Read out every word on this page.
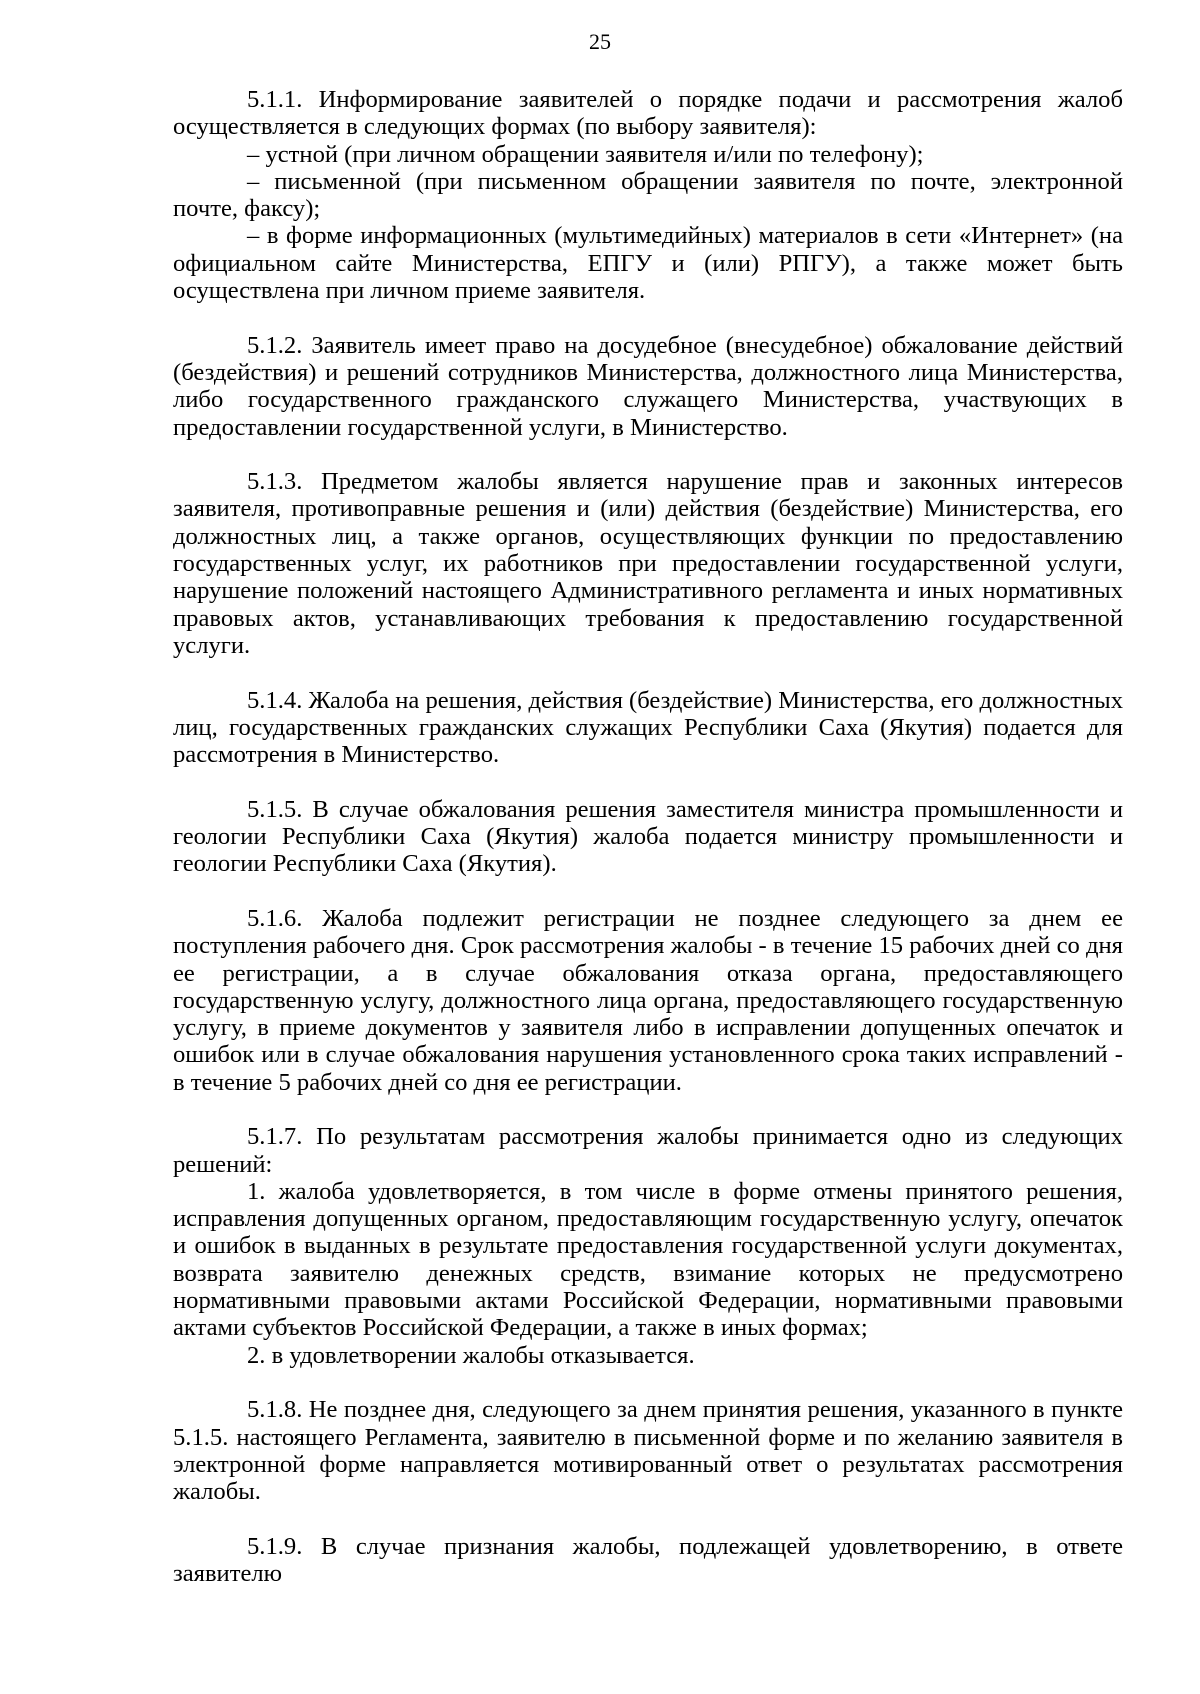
25

5.1.1. Информирование заявителей о порядке подачи и рассмотрения жалоб осуществляется в следующих формах (по выбору заявителя):

– устной (при личном обращении заявителя и/или по телефону);

– письменной (при письменном обращении заявителя по почте, электронной почте, факсу);

– в форме информационных (мультимедийных) материалов в сети «Интернет» (на официальном сайте Министерства, ЕПГУ и (или) РПГУ), а также может быть осуществлена при личном приеме заявителя.

5.1.2. Заявитель имеет право на досудебное (внесудебное) обжалование действий (бездействия) и решений сотрудников Министерства, должностного лица Министерства, либо государственного гражданского служащего Министерства, участвующих в предоставлении государственной услуги, в Министерство.

5.1.3. Предметом жалобы является нарушение прав и законных интересов заявителя, противоправные решения и (или) действия (бездействие) Министерства, его должностных лиц, а также органов, осуществляющих функции по предоставлению государственных услуг, их работников при предоставлении государственной услуги, нарушение положений настоящего Административного регламента и иных нормативных правовых актов, устанавливающих требования к предоставлению государственной услуги.

5.1.4. Жалоба на решения, действия (бездействие) Министерства, его должностных лиц, государственных гражданских служащих Республики Саха (Якутия) подается для рассмотрения в Министерство.

5.1.5. В случае обжалования решения заместителя министра промышленности и геологии Республики Саха (Якутия) жалоба подается министру промышленности и геологии Республики Саха (Якутия).

5.1.6. Жалоба подлежит регистрации не позднее следующего за днем ее поступления рабочего дня. Срок рассмотрения жалобы - в течение 15 рабочих дней со дня ее регистрации, а в случае обжалования отказа органа, предоставляющего государственную услугу, должностного лица органа, предоставляющего государственную услугу, в приеме документов у заявителя либо в исправлении допущенных опечаток и ошибок или в случае обжалования нарушения установленного срока таких исправлений - в течение 5 рабочих дней со дня ее регистрации.

5.1.7. По результатам рассмотрения жалобы принимается одно из следующих решений:

1. жалоба удовлетворяется, в том числе в форме отмены принятого решения, исправления допущенных органом, предоставляющим государственную услугу, опечаток и ошибок в выданных в результате предоставления государственной услуги документах, возврата заявителю денежных средств, взимание которых не предусмотрено нормативными правовыми актами Российской Федерации, нормативными правовыми актами субъектов Российской Федерации, а также в иных формах;

2. в удовлетворении жалобы отказывается.

5.1.8. Не позднее дня, следующего за днем принятия решения, указанного в пункте 5.1.5. настоящего Регламента, заявителю в письменной форме и по желанию заявителя в электронной форме направляется мотивированный ответ о результатах рассмотрения жалобы.

5.1.9. В случае признания жалобы, подлежащей удовлетворению, в ответе заявителю
